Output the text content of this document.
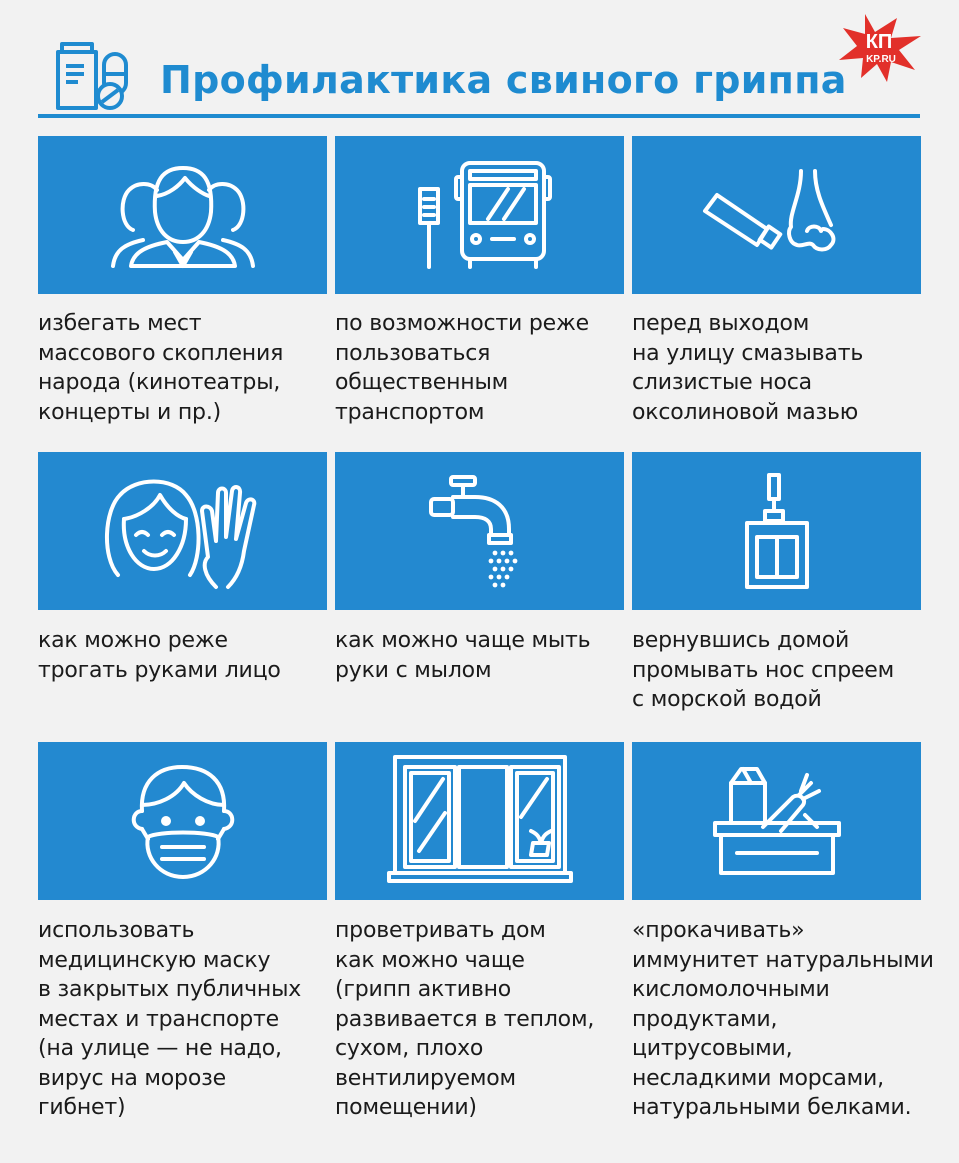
Профилактика свиного гриппа
КП
KP.RU
избегать мест
массового скопления
народа (кинотеатры,
концерты и пр.)
по возможности реже
пользоваться
общественным
транспортом
перед выходом
на улицу смазывать
слизистые носа
оксолиновой мазью
как можно реже
трогать руками лицо
как можно чаще мыть
руки с мылом
вернувшись домой
промывать нос спреем
с морской водой
использовать
медицинскую маску
в закрытых публичных
местах и транспорте
(на улице — не надо,
вирус на морозе
гибнет)
проветривать дом
как можно чаще
(грипп активно
развивается в теплом,
сухом, плохо
вентилируемом
помещении)
«прокачивать»
иммунитет натуральными
кисломолочными
продуктами,
цитрусовыми,
несладкими морсами,
натуральными белками.
